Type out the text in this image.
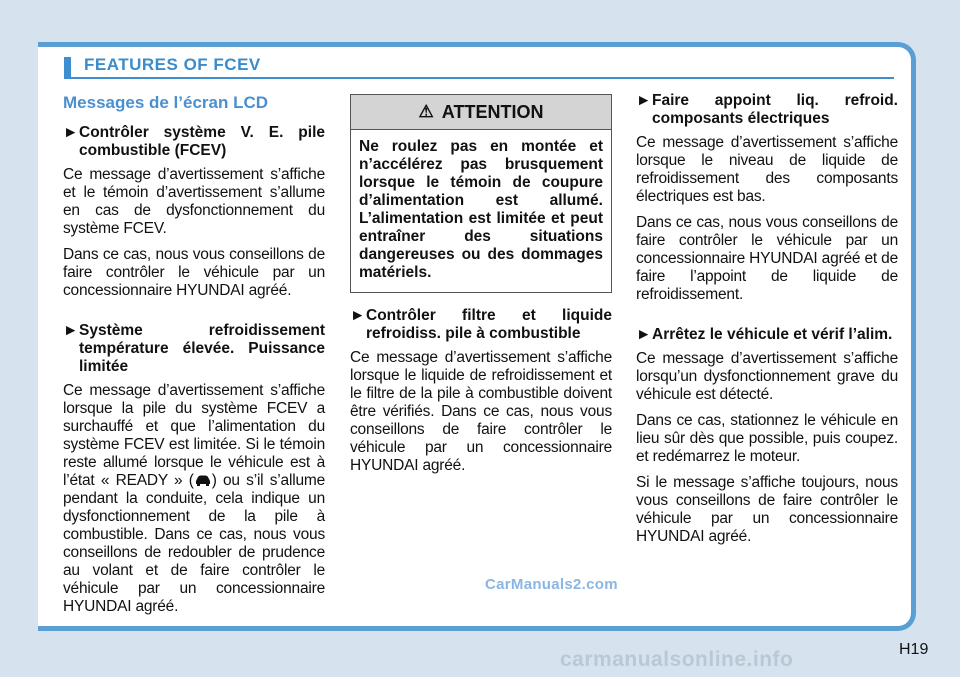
FEATURES OF FCEV
Messages de l’écran LCD
►Contrôler système V. E. pile combustible (FCEV)

Ce message d’avertissement s’affiche et le témoin d’avertissement s’allume en cas de dysfonctionnement du système FCEV.

Dans ce cas, nous vous conseillons de faire contrôler le véhicule par un concessionnaire HYUNDAI agréé.

►Système refroidissement température élevée. Puissance limitée

Ce message d’avertissement s’affiche lorsque la pile du système FCEV a surchauffé et que l’alimentation du système FCEV est limitée. Si le témoin reste allumé lorsque le véhicule est à l’état « READY » ( ) ou s’il s’allume pendant la conduite, cela indique un dysfonctionnement de la pile à combustible. Dans ce cas, nous vous conseillons de redoubler de prudence au volant et de faire contrôler le véhicule par un concessionnaire HYUNDAI agréé.

⚠ ATTENTION
Ne roulez pas en montée et n’accélérez pas brusquement lorsque le témoin de coupure d’alimentation est allumé. L’alimentation est limitée et peut entraîner des situations dangereuses ou des dommages matériels.
►Contrôler filtre et liquide refroidiss. pile à combustible

Ce message d’avertissement s’affiche lorsque le liquide de refroidissement et le filtre de la pile à combustible doivent être vérifiés. Dans ce cas, nous vous conseillons de faire contrôler le véhicule par un concessionnaire HYUNDAI agréé.

►Faire appoint liq. refroid. composants électriques

Ce message d’avertissement s’affiche lorsque le niveau de liquide de refroidissement des composants électriques est bas.

Dans ce cas, nous vous conseillons de faire contrôler le véhicule par un concessionnaire HYUNDAI agréé et de faire l’appoint de liquide de refroidissement.

►Arrêtez le véhicule et vérif l’alim.

Ce message d’avertissement s’affiche lorsqu’un dysfonctionnement grave du véhicule est détecté.

Dans ce cas, stationnez le véhicule en lieu sûr dès que possible, puis coupez. et redémarrez le moteur.

Si le message s’affiche toujours, nous vous conseillons de faire contrôler le véhicule par un concessionnaire HYUNDAI agréé.

CarManuals2.com
H19
carmanualsonline.info
